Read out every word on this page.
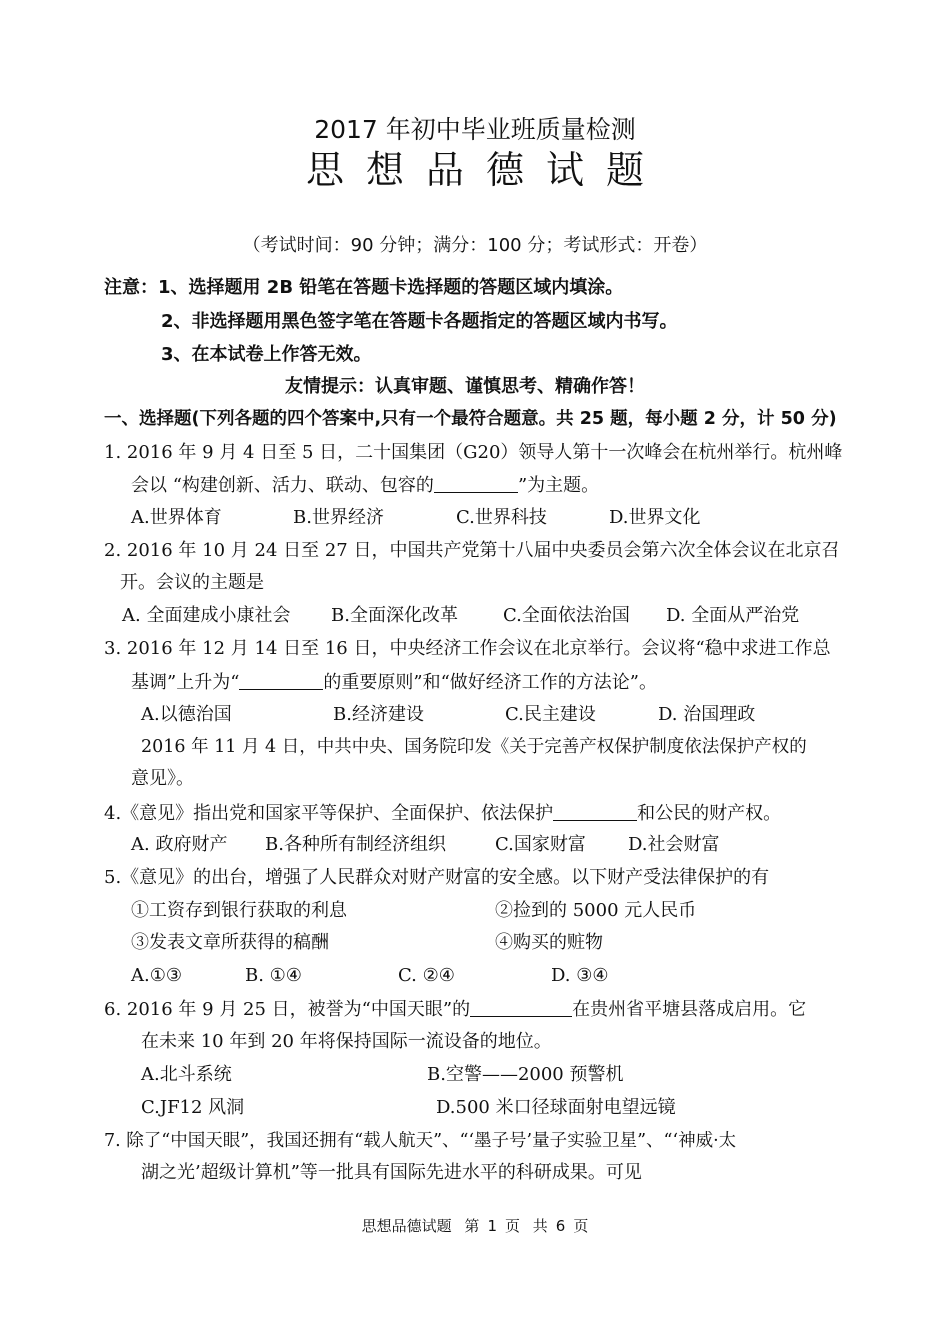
2017 年初中毕业班质量检测
思想品德试题
（考试时间：90 分钟；满分：100 分；考试形式：开卷）
注意：1、选择题用 2B 铅笔在答题卡选择题的答题区域内填涂。
2、非选择题用黑色签字笔在答题卡各题指定的答题区域内书写。
3、在本试卷上作答无效。
友情提示：认真审题、谨慎思考、精确作答！
一、选择题(下列各题的四个答案中,只有一个最符合题意。共 25 题，每小题 2 分，计 50 分)
1. 2016 年 9 月 4 日至 5 日，二十国集团（G20）领导人第十一次峰会在杭州举行。杭州峰
会以 “构建创新、活力、联动、包容的	”为主题。
A.世界体育	B.世界经济	C.世界科技	D.世界文化
2. 2016 年 10 月 24 日至 27 日，中国共产党第十八届中央委员会第六次全体会议在北京召
开。会议的主题是
A. 全面建成小康社会 B.全面深化改革	C.全面依法治国 D. 全面从严治党
3. 2016 年 12 月 14 日至 16 日，中央经济工作会议在北京举行。会议将“稳中求进工作总
基调”上升为“	的重要原则”和“做好经济工作的方法论”。
A.以德治国	B.经济建设	C.民主建设	D. 治国理政
2016 年 11 月 4 日，中共中央、国务院印发《关于完善产权保护制度依法保护产权的
意见》。
4.《意见》指出党和国家平等保护、全面保护、依法保护	和公民的财产权。
A. 政府财产 B.各种所有制经济组织	C.国家财富 D.社会财富
5.《意见》的出台，增强了人民群众对财产财富的安全感。以下财产受法律保护的有
①工资存到银行获取的利息	②捡到的 5000 元人民币
③发表文章所获得的稿酬	④购买的赃物
A.①③	B. ①④	C. ②④	D. ③④
6. 2016 年 9 月 25 日，被誉为“中国天眼”的	在贵州省平塘县落成启用。它
在未来 10 年到 20 年将保持国际一流设备的地位。
A.北斗系统	B.空警——2000 预警机
C.JF12 风洞	D.500 米口径球面射电望远镜
7. 除了“中国天眼”，我国还拥有“载人航天”、“‘墨子号’量子实验卫星”、“‘神威·太
湖之光’超级计算机”等一批具有国际先进水平的科研成果。可见
思想品德试题 第 1 页 共 6 页
